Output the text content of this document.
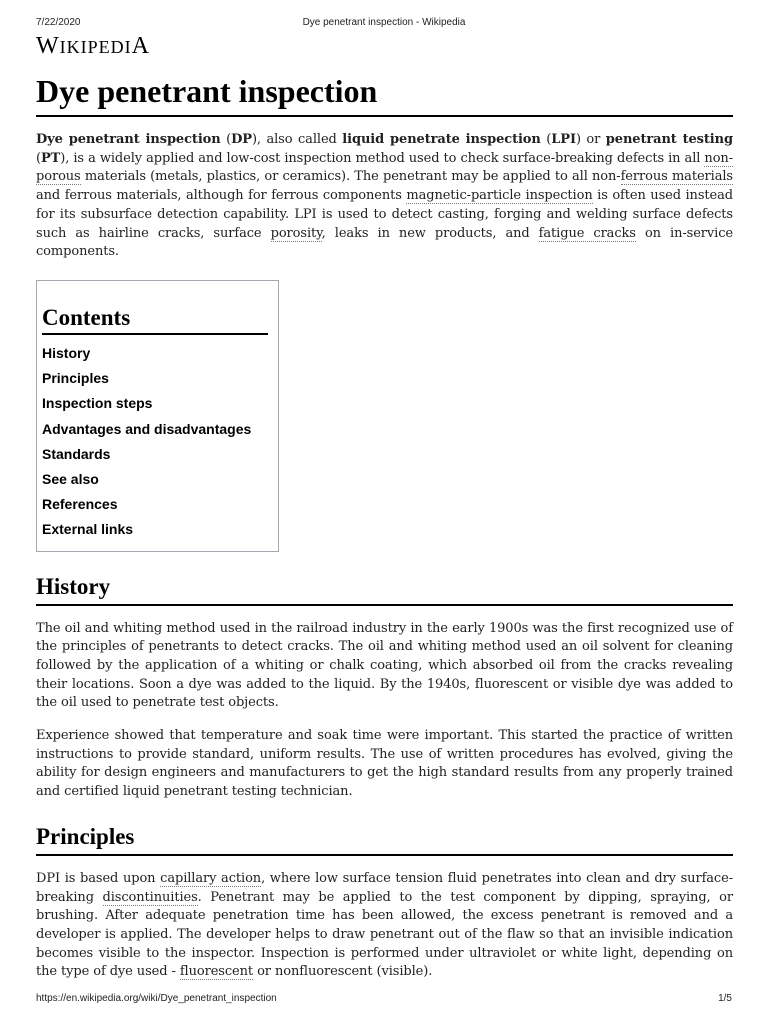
7/22/2020	Dye penetrant inspection - Wikipedia
WIKIPEDIA
Dye penetrant inspection

Dye penetrant inspection (DP), also called liquid penetrate inspection (LPI) or penetrant testing (PT), is a widely applied and low-cost inspection method used to check surface-breaking defects in all non-porous materials (metals, plastics, or ceramics). The penetrant may be applied to all non-ferrous materials and ferrous materials, although for ferrous components magnetic-particle inspection is often used instead for its subsurface detection capability. LPI is used to detect casting, forging and welding surface defects such as hairline cracks, surface porosity, leaks in new products, and fatigue cracks on in-service components.

Contents
History
Principles
Inspection steps
Advantages and disadvantages
Standards
See also
References
External links
History

The oil and whiting method used in the railroad industry in the early 1900s was the first recognized use of the principles of penetrants to detect cracks. The oil and whiting method used an oil solvent for cleaning followed by the application of a whiting or chalk coating, which absorbed oil from the cracks revealing their locations. Soon a dye was added to the liquid. By the 1940s, fluorescent or visible dye was added to the oil used to penetrate test objects.

Experience showed that temperature and soak time were important. This started the practice of written instructions to provide standard, uniform results. The use of written procedures has evolved, giving the ability for design engineers and manufacturers to get the high standard results from any properly trained and certified liquid penetrant testing technician.

Principles

DPI is based upon capillary action, where low surface tension fluid penetrates into clean and dry surface-breaking discontinuities. Penetrant may be applied to the test component by dipping, spraying, or brushing. After adequate penetration time has been allowed, the excess penetrant is removed and a developer is applied. The developer helps to draw penetrant out of the flaw so that an invisible indication becomes visible to the inspector. Inspection is performed under ultraviolet or white light, depending on the type of dye used - fluorescent or nonfluorescent (visible).

https://en.wikipedia.org/wiki/Dye_penetrant_inspection	1/5
